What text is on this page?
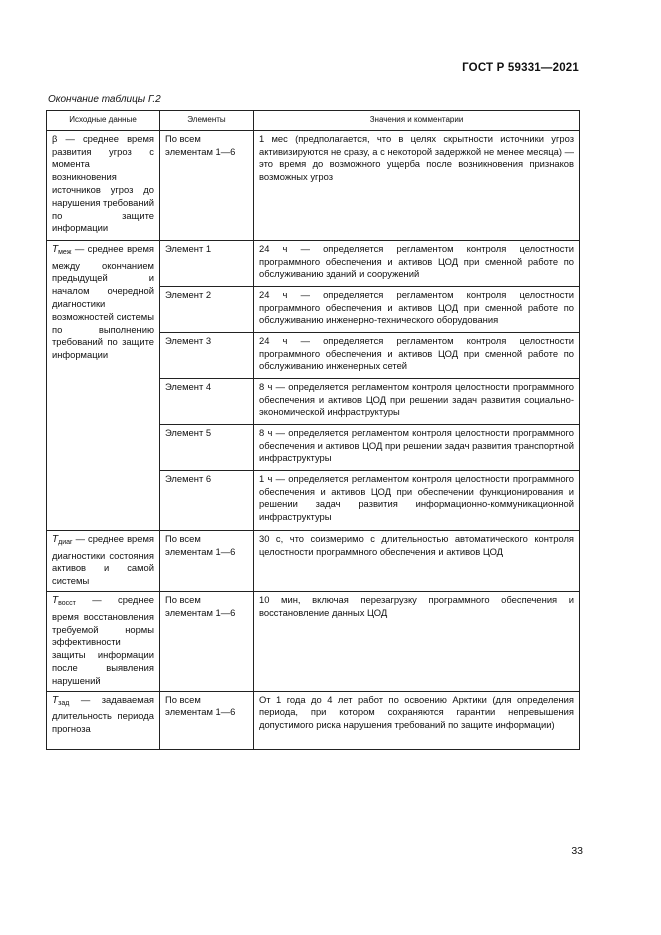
ГОСТ Р 59331—2021
Окончание таблицы Г.2
Исходные данные	Элементы	Значения и комментарии
β — среднее время развития угроз с момента возникновения источников угроз до нарушения требований по защите информации	По всем элементам 1—6	1 мес (предполагается, что в целях скрытности источники угроз активизируются не сразу, а с некоторой задержкой не менее месяца) — это время до возможного ущерба после возникновения признаков возможных угроз
$T_{меж}$ — среднее время между окончанием предыдущей и началом очередной диагностики возможностей системы по выполнению требований по защите информации	Элемент 1	24 ч — определяется регламентом контроля целостности программного обеспечения и активов ЦОД при сменной работе по обслуживанию зданий и сооружений
	Элемент 2	24 ч — определяется регламентом контроля целостности программного обеспечения и активов ЦОД при сменной работе по обслуживанию инженерно-технического оборудования
	Элемент 3	24 ч — определяется регламентом контроля целостности программного обеспечения и активов ЦОД при сменной работе по обслуживанию инженерных сетей
	Элемент 4	8 ч — определяется регламентом контроля целостности программного обеспечения и активов ЦОД при решении задач развития социально-экономической инфраструктуры
	Элемент 5	8 ч — определяется регламентом контроля целостности программного обеспечения и активов ЦОД при решении задач развития транспортной инфраструктуры
	Элемент 6	1 ч — определяется регламентом контроля целостности программного обеспечения и активов ЦОД при обеспечении функционирования и решении задач развития информационно-коммуникационной инфраструктуры
$T_{диаг}$ — среднее время диагностики состояния активов и самой системы	По всем элементам 1—6	30 с, что соизмеримо с длительностью автоматического контроля целостности программного обеспечения и активов ЦОД
$T_{восст}$ — среднее время восстановления требуемой нормы эффективности защиты информации после выявления нарушений	По всем элементам 1—6	10 мин, включая перезагрузку программного обеспечения и восстановление данных ЦОД
$T_{зад}$ — задаваемая длительность периода прогноза	По всем элементам 1—6	От 1 года до 4 лет работ по освоению Арктики (для определения периода, при котором сохраняются гарантии непревышения допустимого риска нарушения требований по защите информации)
33
